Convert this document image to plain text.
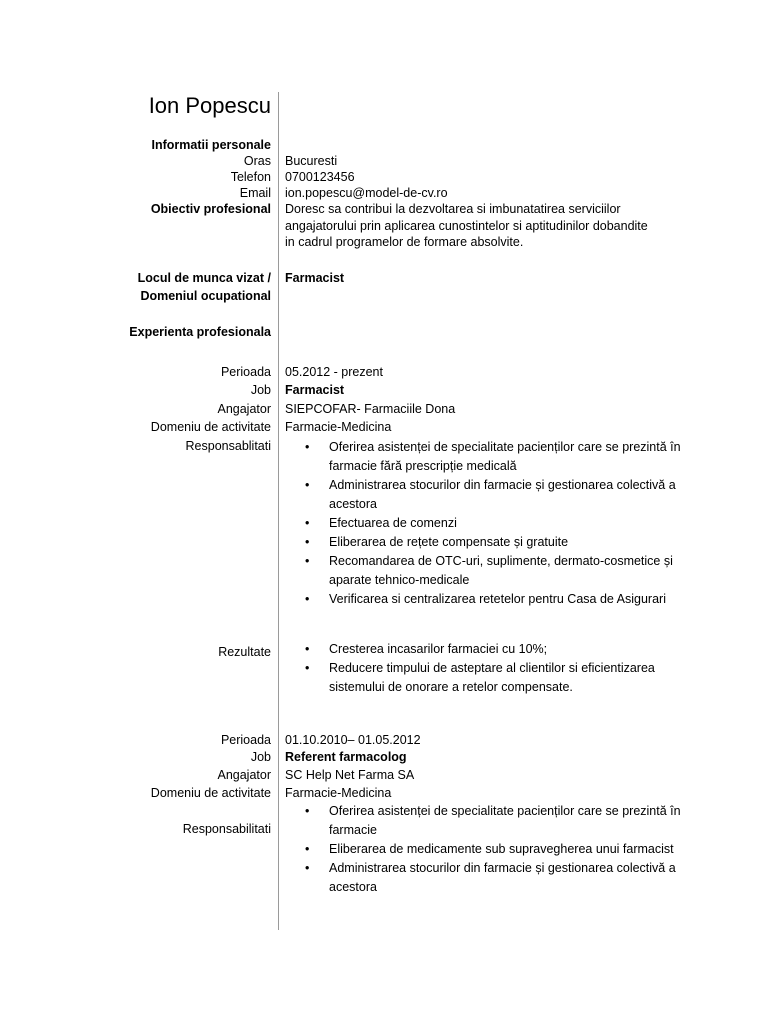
Ion Popescu
Informatii personale
Oras Bucuresti
Telefon 0700123456
Email ion.popescu@model-de-cv.ro
Obiectiv profesional Doresc sa contribui la dezvoltarea si imbunatatirea serviciilor angajatorului prin aplicarea cunostintelor si aptitudinilor dobandite in cadrul programelor de formare absolvite.
Locul de munca vizat /
Domeniul ocupational
Farmacist
Experienta profesionala
Perioada 05.2012 - prezent
Job Farmacist
Angajator SIEPCOFAR- Farmaciile Dona
Domeniu de activitate Farmacie-Medicina
Responsablitati	• Oferirea asistenței de specialitate pacienților care se prezintă în farmacie fără prescripție medicală
• Administrarea stocurilor din farmacie și gestionarea colectivă a acestora
• Efectuarea de comenzi
• Eliberarea de rețete compensate și gratuite
• Recomandarea de OTC-uri, suplimente, dermato-cosmetice și aparate tehnico-medicale
• Verificarea si centralizarea retetelor pentru Casa de Asigurari
Rezultate	• Cresterea incasarilor farmaciei cu 10%;
• Reducere timpului de asteptare al clientilor si eficientizarea sistemului de onorare a retelor compensate.
Perioada 01.10.2010– 01.05.2012
Job Referent farmacolog
Angajator SC Help Net Farma SA
Domeniu de activitate Farmacie-Medicina
Responsabilitati
• Oferirea asistenței de specialitate pacienților care se prezintă în farmacie
• Eliberarea de medicamente sub supravegherea unui farmacist
• Administrarea stocurilor din farmacie și gestionarea colectivă a acestora
